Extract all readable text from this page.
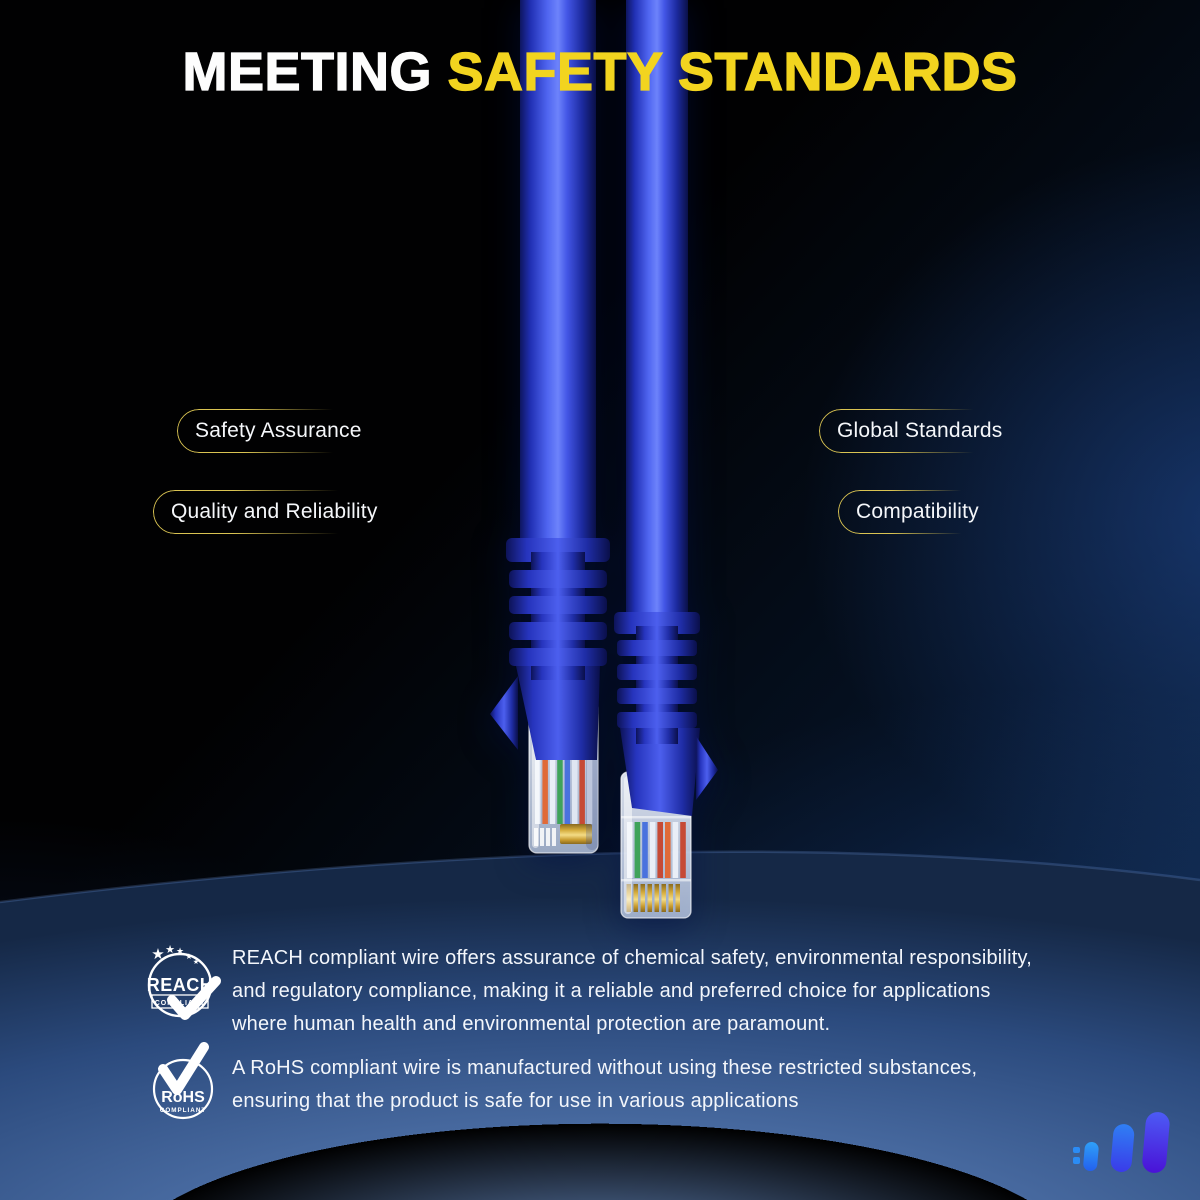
MEETING SAFETY STANDARDS
Safety Assurance
Quality and Reliability
Global Standards
Compatibility
★ ★ ★
★
★
REACH
COMPLIANT
RoHS
COMPLIANT
REACH compliant wire offers assurance of chemical safety, environmental responsibility,
and regulatory compliance, making it a reliable and preferred choice for applications
where human health and environmental protection are paramount.
A RoHS compliant wire is manufactured without using these restricted substances,
ensuring that the product is safe for use in various applications
